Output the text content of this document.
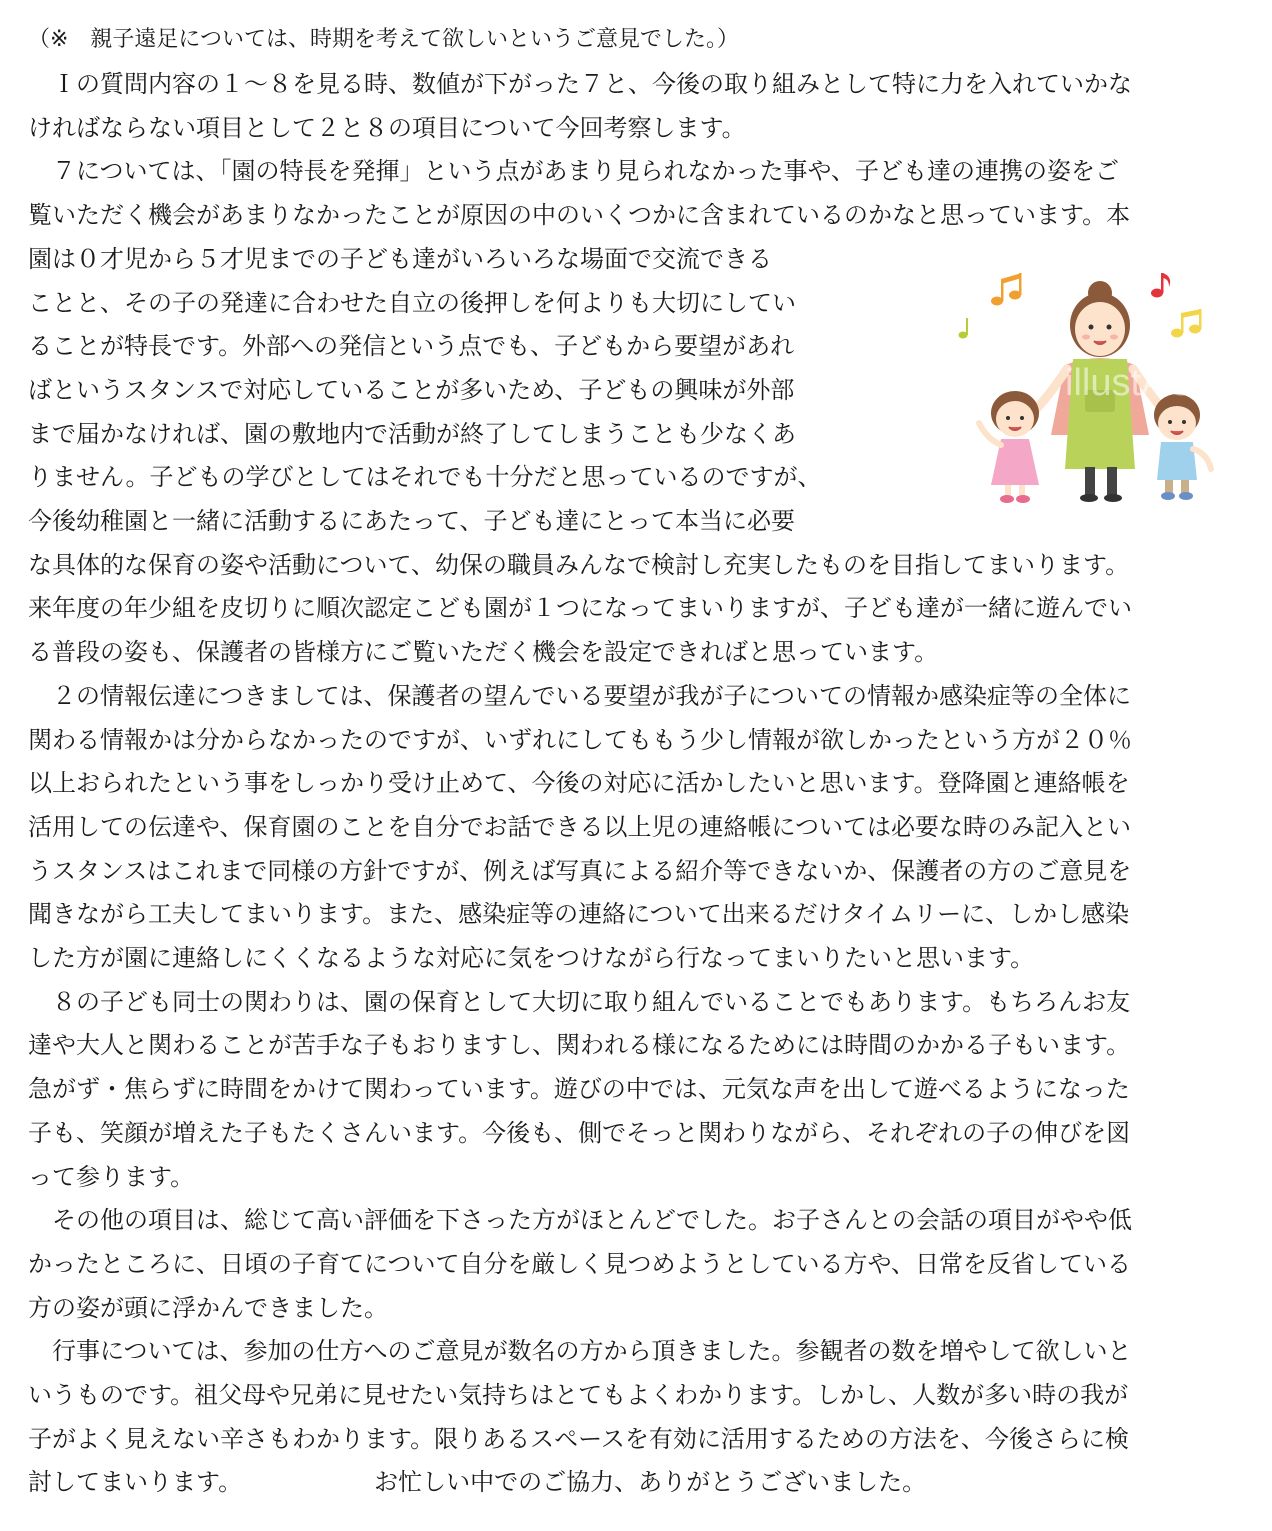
（※　親子遠足については、時期を考えて欲しいというご意見でした。）
　Ｉの質問内容の１～８を見る時、数値が下がった７と、今後の取り組みとして特に力を入れていかな
ければならない項目として２と８の項目について今回考察します。
　７については、「園の特長を発揮」という点があまり見られなかった事や、子ども達の連携の姿をご
覧いただく機会があまりなかったことが原因の中のいくつかに含まれているのかなと思っています。本
園は０才児から５才児までの子ども達がいろいろな場面で交流できる
ことと、その子の発達に合わせた自立の後押しを何よりも大切にしてい
ることが特長です。外部への発信という点でも、子どもから要望があれ
ばというスタンスで対応していることが多いため、子どもの興味が外部
まで届かなければ、園の敷地内で活動が終了してしまうことも少なくあ
りません。子どもの学びとしてはそれでも十分だと思っているのですが、
今後幼稚園と一緒に活動するにあたって、子ども達にとって本当に必要
な具体的な保育の姿や活動について、幼保の職員みんなで検討し充実したものを目指してまいります。
来年度の年少組を皮切りに順次認定こども園が１つになってまいりますが、子ども達が一緒に遊んでい
る普段の姿も、保護者の皆様方にご覧いただく機会を設定できればと思っています。
　２の情報伝達につきましては、保護者の望んでいる要望が我が子についての情報か感染症等の全体に
関わる情報かは分からなかったのですが、いずれにしてももう少し情報が欲しかったという方が２０％
以上おられたという事をしっかり受け止めて、今後の対応に活かしたいと思います。登降園と連絡帳を
活用しての伝達や、保育園のことを自分でお話できる以上児の連絡帳については必要な時のみ記入とい
うスタンスはこれまで同様の方針ですが、例えば写真による紹介等できないか、保護者の方のご意見を
聞きながら工夫してまいります。また、感染症等の連絡について出来るだけタイムリーに、しかし感染
した方が園に連絡しにくくなるような対応に気をつけながら行なってまいりたいと思います。
　８の子ども同士の関わりは、園の保育として大切に取り組んでいることでもあります。もちろんお友
達や大人と関わることが苦手な子もおりますし、関われる様になるためには時間のかかる子もいます。
急がず・焦らずに時間をかけて関わっています。遊びの中では、元気な声を出して遊べるようになった
子も、笑顔が増えた子もたくさんいます。今後も、側でそっと関わりながら、それぞれの子の伸びを図
って参ります。
　その他の項目は、総じて高い評価を下さった方がほとんどでした。お子さんとの会話の項目がやや低
かったところに、日頃の子育てについて自分を厳しく見つめようとしている方や、日常を反省している
方の姿が頭に浮かんできました。
　行事については、参加の仕方へのご意見が数名の方から頂きました。参観者の数を増やして欲しいと
いうものです。祖父母や兄弟に見せたい気持ちはとてもよくわかります。しかし、人数が多い時の我が
子がよく見えない辛さもわかります。限りあるスペースを有効に活用するための方法を、今後さらに検
討してまいります。　　　　　　お忙しい中でのご協力、ありがとうございました。
illustAC
